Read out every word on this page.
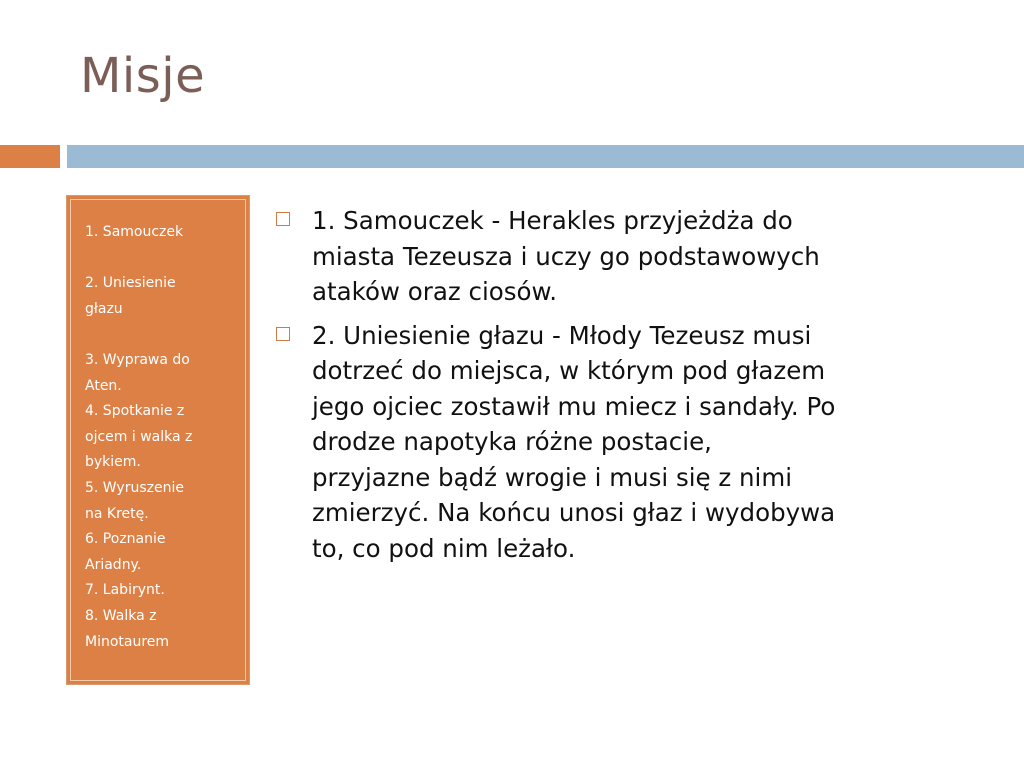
Misje
1. Samouczek
2. Uniesienie
głazu
3. Wyprawa do
Aten.
4. Spotkanie z
ojcem i walka z
bykiem.
5. Wyruszenie
na Kretę.
6. Poznanie
Ariadny.
7. Labirynt.
8. Walka z
Minotaurem
1. Samouczek - Herakles przyjeżdża do
miasta Tezeusza i uczy go podstawowych
ataków oraz ciosów.
2. Uniesienie głazu - Młody Tezeusz musi
dotrzeć do miejsca, w którym pod głazem
jego ojciec zostawił mu miecz i sandały. Po
drodze napotyka różne postacie,
przyjazne bądź wrogie i musi się z nimi
zmierzyć. Na końcu unosi głaz i wydobywa
to, co pod nim leżało.
